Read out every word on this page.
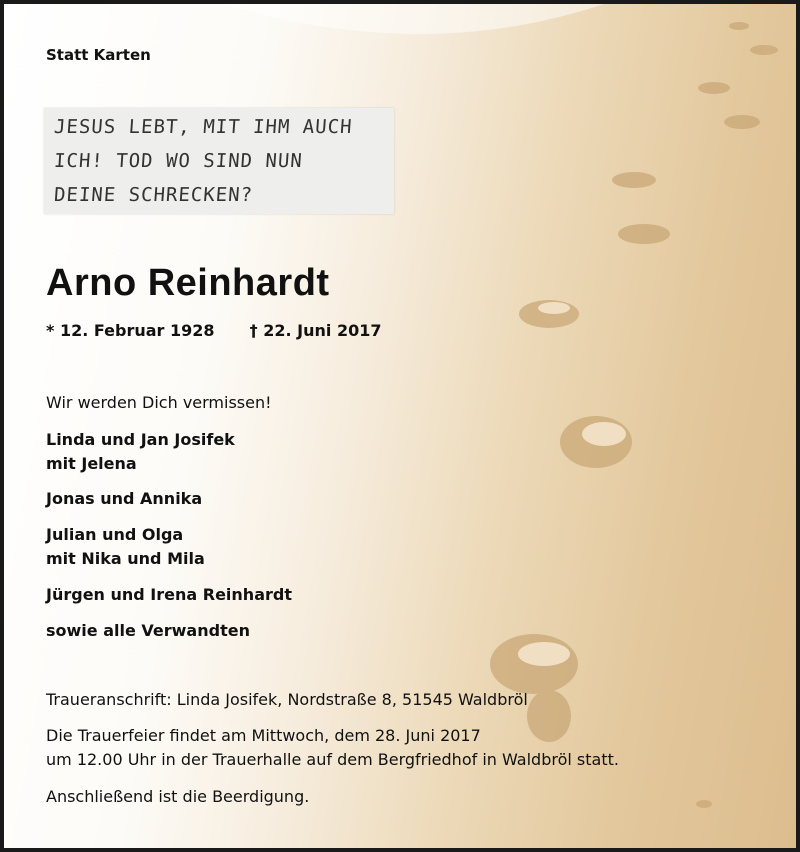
Statt Karten

JESUS LEBT, MIT IHM AUCH

ICH! TOD WO SIND NUN

DEINE SCHRECKEN?

Arno Reinhardt

* 12. Februar 1928 † 22. Juni 2017

Wir werden Dich vermissen!

Linda und Jan Josifek

mit Jelena

Jonas und Annika

Julian und Olga

mit Nika und Mila

Jürgen und Irena Reinhardt

sowie alle Verwandten

Traueranschrift: Linda Josifek, Nordstraße 8, 51545 Waldbröl

Die Trauerfeier findet am Mittwoch, dem 28. Juni 2017

um 12.00 Uhr in der Trauerhalle auf dem Bergfriedhof in Waldbröl statt.

Anschließend ist die Beerdigung.
